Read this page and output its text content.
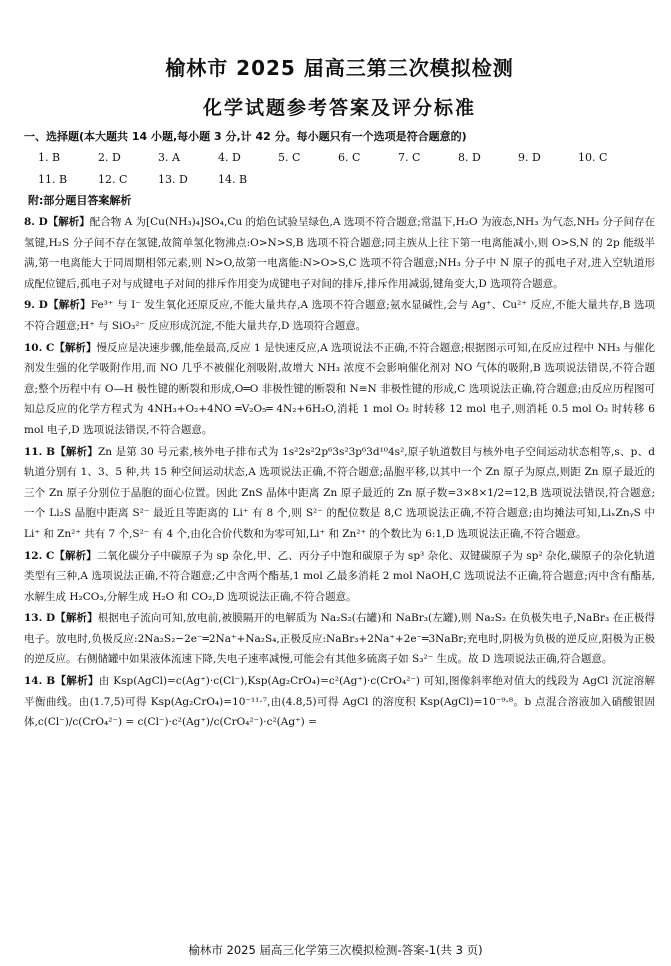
榆林市 2025 届高三第三次模拟检测
化学试题参考答案及评分标准
一、选择题(本大题共 14 小题,每小题 3 分,计 42 分。每小题只有一个选项是符合题意的)
1. B	2. D	3. A	4. D	5. C	6. C	7. C	8. D	9. D	10. C
11. B	12. C	13. D	14. B
附:部分题目答案解析
8. D【解析】配合物 A 为[Cu(NH₃)₄]SO₄,Cu 的焰色试验呈绿色,A 选项不符合题意;常温下,H₂O 为液态,NH₃ 为气态,NH₃ 分子间存在氢键,H₂S 分子间不存在氢键,故简单氢化物沸点:O>N>S,B 选项不符合题意;同主族从上往下第一电离能减小,则 O>S,N 的 2p 能级半满,第一电离能大于同周期相邻元素,则 N>O,故第一电离能:N>O>S,C 选项不符合题意;NH₃ 分子中 N 原子的孤电子对,进入空轨道形成配位键后,孤电子对与成键电子对间的排斥作用变为成键电子对间的排斥,排斥作用减弱,键角变大,D 选项符合题意。
9. D【解析】Fe³⁺ 与 I⁻ 发生氧化还原反应,不能大量共存,A 选项不符合题意;氨水显碱性,会与 Ag⁺、Cu²⁺ 反应,不能大量共存,B 选项不符合题意;H⁺ 与 SiO₃²⁻ 反应形成沉淀,不能大量共存,D 选项符合题意。
10. C【解析】慢反应是决速步骤,能垒最高,反应 1 是快速反应,A 选项说法不正确,不符合题意;根据图示可知,在反应过程中 NH₃ 与催化剂发生强的化学吸附作用,而 NO 几乎不被催化剂吸附,故增大 NH₃ 浓度不会影响催化剂对 NO 气体的吸附,B 选项说法错误,不符合题意;整个历程中有 O—H 极性键的断裂和形成,O═O 非极性键的断裂和 N≡N 非极性键的形成,C 选项说法正确,符合题意;由反应历程图可知总反应的化学方程式为 4NH₃+O₂+4NO ═V₂O₅═ 4N₂+6H₂O,消耗 1 mol O₂ 时转移 12 mol 电子,则消耗 0.5 mol O₂ 时转移 6 mol 电子,D 选项说法错误,不符合题意。
11. B【解析】Zn 是第 30 号元素,核外电子排布式为 1s²2s²2p⁶3s²3p⁶3d¹⁰4s²,原子轨道数目与核外电子空间运动状态相等,s、p、d 轨道分别有 1、3、5 种,共 15 种空间运动状态,A 选项说法正确,不符合题意;晶胞平移,以其中一个 Zn 原子为原点,则距 Zn 原子最近的三个 Zn 原子分别位于晶胞的面心位置。因此 ZnS 晶体中距离 Zn 原子最近的 Zn 原子数=3×8×1/2=12,B 选项说法错误,符合题意;一个 Li₂S 晶胞中距离 S²⁻ 最近且等距离的 Li⁺ 有 8 个,则 S²⁻ 的配位数是 8,C 选项说法正确,不符合题意;由均摊法可知,LiₓZnᵧS 中 Li⁺ 和 Zn²⁺ 共有 7 个,S²⁻ 有 4 个,由化合价代数和为零可知,Li⁺ 和 Zn²⁺ 的个数比为 6:1,D 选项说法正确,不符合题意。
12. C【解析】二氧化碳分子中碳原子为 sp 杂化,甲、乙、丙分子中饱和碳原子为 sp³ 杂化、双键碳原子为 sp² 杂化,碳原子的杂化轨道类型有三种,A 选项说法正确,不符合题意;乙中含两个酯基,1 mol 乙最多消耗 2 mol NaOH,C 选项说法不正确,符合题意;丙中含有酯基,水解生成 H₂CO₃,分解生成 H₂O 和 CO₂,D 选项说法正确,不符合题意。
13. D【解析】根据电子流向可知,放电前,被膜隔开的电解质为 Na₂S₂(右罐)和 NaBr₃(左罐),则 Na₂S₂ 在负极失电子,NaBr₃ 在正极得电子。放电时,负极反应:2Na₂S₂−2e⁻═2Na⁺+Na₂S₄,正极反应:NaBr₃+2Na⁺+2e⁻═3NaBr;充电时,阴极为负极的逆反应,阳极为正极的逆反应。右侧储罐中如果液体流速下降,失电子速率减慢,可能会有其他多硫离子如 S₃²⁻ 生成。故 D 选项说法正确,符合题意。
14. B【解析】由 Ksp(AgCl)=c(Ag⁺)·c(Cl⁻),Ksp(Ag₂CrO₄)=c²(Ag⁺)·c(CrO₄²⁻) 可知,图像斜率绝对值大的线段为 AgCl 沉淀溶解平衡曲线。由(1.7,5)可得 Ksp(Ag₂CrO₄)=10⁻¹¹·⁷,由(4.8,5)可得 AgCl 的溶度积 Ksp(AgCl)=10⁻⁹·⁸。b 点混合溶液加入硝酸银固体,c(Cl⁻)/c(CrO₄²⁻) = c(Cl⁻)·c²(Ag⁺)/c(CrO₄²⁻)·c²(Ag⁺) =
榆林市 2025 届高三化学第三次模拟检测-答案-1(共 3 页)
